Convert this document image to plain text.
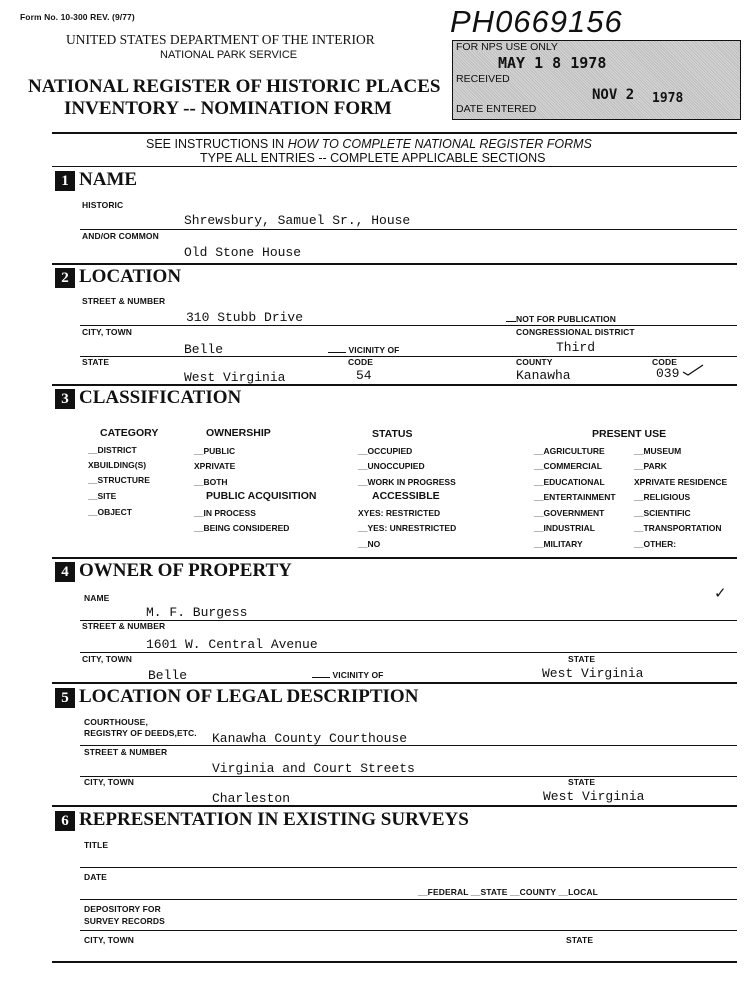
Form No. 10-300 REV. (9/77)
UNITED STATES DEPARTMENT OF THE INTERIOR
NATIONAL PARK SERVICE
NATIONAL REGISTER OF HISTORIC PLACES
INVENTORY -- NOMINATION FORM
PH0669156
FOR NPS USE ONLY
MAY 1 8 1978
RECEIVED
NOV 2 1978
DATE ENTERED
SEE INSTRUCTIONS IN HOW TO COMPLETE NATIONAL REGISTER FORMS
TYPE ALL ENTRIES -- COMPLETE APPLICABLE SECTIONS
1 NAME
HISTORIC
Shrewsbury, Samuel Sr., House
AND/OR COMMON
Old Stone House
2 LOCATION
STREET & NUMBER
310 Stubb Drive	NOT FOR PUBLICATION
CITY, TOWN	CONGRESSIONAL DISTRICT
Belle	VICINITY OF	Third
STATE	CODE	COUNTY	CODE
West Virginia	54	Kanawha	039
3 CLASSIFICATION
CATEGORY
__DISTRICT
XBUILDING(S)
__STRUCTURE
__SITE
__OBJECT
OWNERSHIP
__PUBLIC
XPRIVATE
__BOTH
PUBLIC ACQUISITION
__IN PROCESS
__BEING CONSIDERED
STATUS
__OCCUPIED
__UNOCCUPIED
__WORK IN PROGRESS
ACCESSIBLE
XYES: RESTRICTED
__YES: UNRESTRICTED
__NO
PRESENT USE
__AGRICULTURE
__COMMERCIAL
__EDUCATIONAL
__ENTERTAINMENT
__GOVERNMENT
__INDUSTRIAL
__MILITARY
__MUSEUM
__PARK
XPRIVATE RESIDENCE
__RELIGIOUS
__SCIENTIFIC
__TRANSPORTATION
__OTHER:
4 OWNER OF PROPERTY
NAME	✓
M. F. Burgess
STREET & NUMBER
1601 W. Central Avenue
CITY, TOWN	STATE
Belle	VICINITY OF	West Virginia
5 LOCATION OF LEGAL DESCRIPTION
COURTHOUSE,
REGISTRY OF DEEDS,ETC. Kanawha County Courthouse
STREET & NUMBER
Virginia and Court Streets
CITY, TOWN	STATE
Charleston	West Virginia
6 REPRESENTATION IN EXISTING SURVEYS
TITLE
DATE
__FEDERAL __STATE __COUNTY __LOCAL
DEPOSITORY FOR
SURVEY RECORDS
CITY, TOWN	STATE
